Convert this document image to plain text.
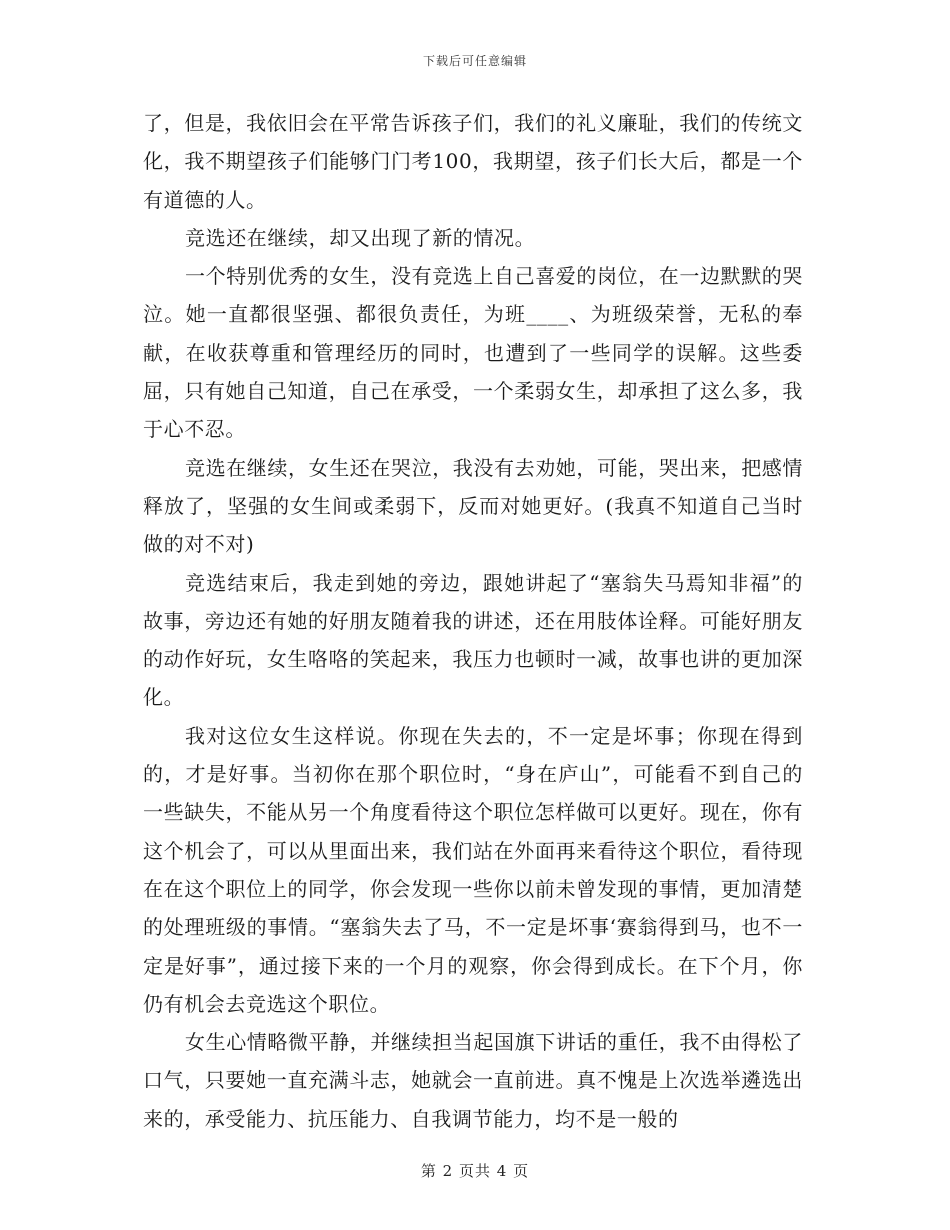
下载后可任意编辑

了，但是，我依旧会在平常告诉孩子们，我们的礼义廉耻，我们的传统文化，我不期望孩子们能够门门考100，我期望，孩子们长大后，都是一个有道德的人。

竞选还在继续，却又出现了新的情况。

一个特别优秀的女生，没有竞选上自己喜爱的岗位，在一边默默的哭泣。她一直都很坚强、都很负责任，为班____、为班级荣誉，无私的奉献，在收获尊重和管理经历的同时，也遭到了一些同学的误解。这些委屈，只有她自己知道，自己在承受，一个柔弱女生，却承担了这么多，我于心不忍。

竞选在继续，女生还在哭泣，我没有去劝她，可能，哭出来，把感情释放了，坚强的女生间或柔弱下，反而对她更好。(我真不知道自己当时做的对不对)

竞选结束后，我走到她的旁边，跟她讲起了“塞翁失马焉知非福”的故事，旁边还有她的好朋友随着我的讲述，还在用肢体诠释。可能好朋友的动作好玩，女生咯咯的笑起来，我压力也顿时一减，故事也讲的更加深化。

我对这位女生这样说。你现在失去的，不一定是坏事；你现在得到的，才是好事。当初你在那个职位时，“身在庐山”，可能看不到自己的一些缺失，不能从另一个角度看待这个职位怎样做可以更好。现在，你有这个机会了，可以从里面出来，我们站在外面再来看待这个职位，看待现在在这个职位上的同学，你会发现一些你以前未曾发现的事情，更加清楚的处理班级的事情。“塞翁失去了马，不一定是坏事‘赛翁得到马，也不一定是好事”，通过接下来的一个月的观察，你会得到成长。在下个月，你仍有机会去竞选这个职位。

女生心情略微平静，并继续担当起国旗下讲话的重任，我不由得松了口气，只要她一直充满斗志，她就会一直前进。真不愧是上次选举遴选出来的，承受能力、抗压能力、自我调节能力，均不是一般的

第 2 页共 4 页
